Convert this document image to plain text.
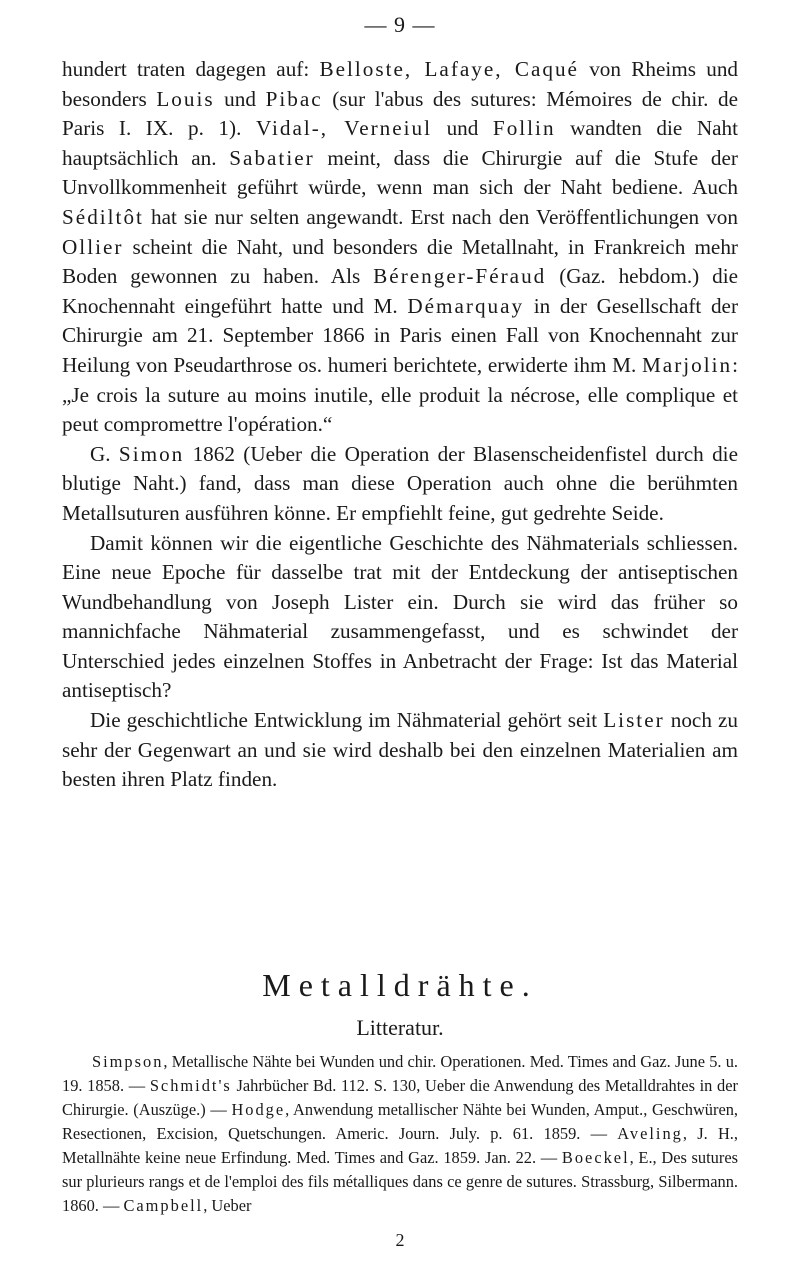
— 9 —

hundert traten dagegen auf: Belloste, Lafaye, Caqué von Rheims und besonders Louis und Pibac (sur l'abus des sutures: Mémoires de chir. de Paris I. IX. p. 1). Vidal-, Verneiul und Follin wandten die Naht hauptsächlich an. Sabatier meint, dass die Chirurgie auf die Stufe der Unvollkommenheit geführt würde, wenn man sich der Naht bediene. Auch Sédiltôt hat sie nur selten angewandt. Erst nach den Veröffentlichungen von Ollier scheint die Naht, und besonders die Metallnaht, in Frankreich mehr Boden gewonnen zu haben. Als Bérenger-Féraud (Gaz. hebdom.) die Knochennaht eingeführt hatte und M. Démarquay in der Gesellschaft der Chirurgie am 21. September 1866 in Paris einen Fall von Knochennaht zur Heilung von Pseudarthrose os. humeri berichtete, erwiderte ihm M. Marjolin: „Je crois la suture au moins inutile, elle produit la nécrose, elle complique et peut compromettre l'opération.“

G. Simon 1862 (Ueber die Operation der Blasenscheidenfistel durch die blutige Naht.) fand, dass man diese Operation auch ohne die berühmten Metallsuturen ausführen könne. Er empfiehlt feine, gut gedrehte Seide.

Damit können wir die eigentliche Geschichte des Nähmaterials schliessen. Eine neue Epoche für dasselbe trat mit der Entdeckung der antiseptischen Wundbehandlung von Joseph Lister ein. Durch sie wird das früher so mannichfache Nähmaterial zusammengefasst, und es schwindet der Unterschied jedes einzelnen Stoffes in Anbetracht der Frage: Ist das Material antiseptisch?

Die geschichtliche Entwicklung im Nähmaterial gehört seit Lister noch zu sehr der Gegenwart an und sie wird deshalb bei den einzelnen Materialien am besten ihren Platz finden.

Metalldrähte.
Litteratur.

Simpson, Metallische Nähte bei Wunden und chir. Operationen. Med. Times and Gaz. June 5. u. 19. 1858. — Schmidt's Jahrbücher Bd. 112. S. 130, Ueber die Anwendung des Metalldrahtes in der Chirurgie. (Auszüge.) — Hodge, Anwendung metallischer Nähte bei Wunden, Amput., Geschwüren, Resectionen, Excision, Quetschungen. Americ. Journ. July. p. 61. 1859. — Aveling, J. H., Metallnähte keine neue Erfindung. Med. Times and Gaz. 1859. Jan. 22. — Boeckel, E., Des sutures sur plurieurs rangs et de l'emploi des fils métalliques dans ce genre de sutures. Strassburg, Silbermann. 1860. — Campbell, Ueber

2
